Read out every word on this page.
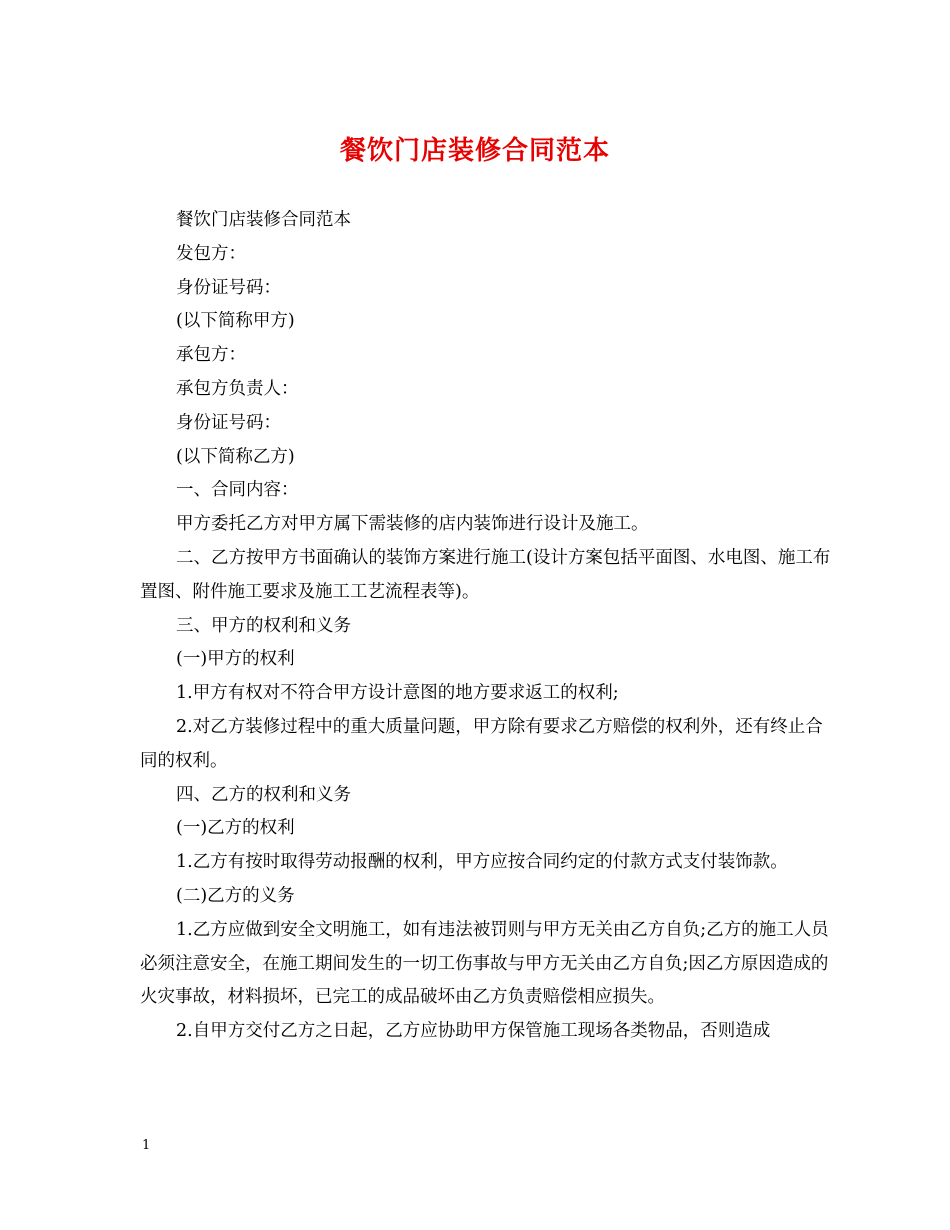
餐饮门店装修合同范本

餐饮门店装修合同范本

发包方：

身份证号码：

(以下简称甲方)

承包方：

承包方负责人：

身份证号码：

(以下简称乙方)

一、合同内容：

甲方委托乙方对甲方属下需装修的店内装饰进行设计及施工。

二、乙方按甲方书面确认的装饰方案进行施工(设计方案包括平面图、水电图、施工布置图、附件施工要求及施工工艺流程表等)。

三、甲方的权利和义务

(一)甲方的权利

1.甲方有权对不符合甲方设计意图的地方要求返工的权利;

2.对乙方装修过程中的重大质量问题，甲方除有要求乙方赔偿的权利外，还有终止合同的权利。

四、乙方的权利和义务

(一)乙方的权利

1.乙方有按时取得劳动报酬的权利，甲方应按合同约定的付款方式支付装饰款。

(二)乙方的义务

1.乙方应做到安全文明施工，如有违法被罚则与甲方无关由乙方自负;乙方的施工人员必须注意安全，在施工期间发生的一切工伤事故与甲方无关由乙方自负;因乙方原因造成的火灾事故，材料损坏，已完工的成品破坏由乙方负责赔偿相应损失。

2.自甲方交付乙方之日起，乙方应协助甲方保管施工现场各类物品，否则造成

1
